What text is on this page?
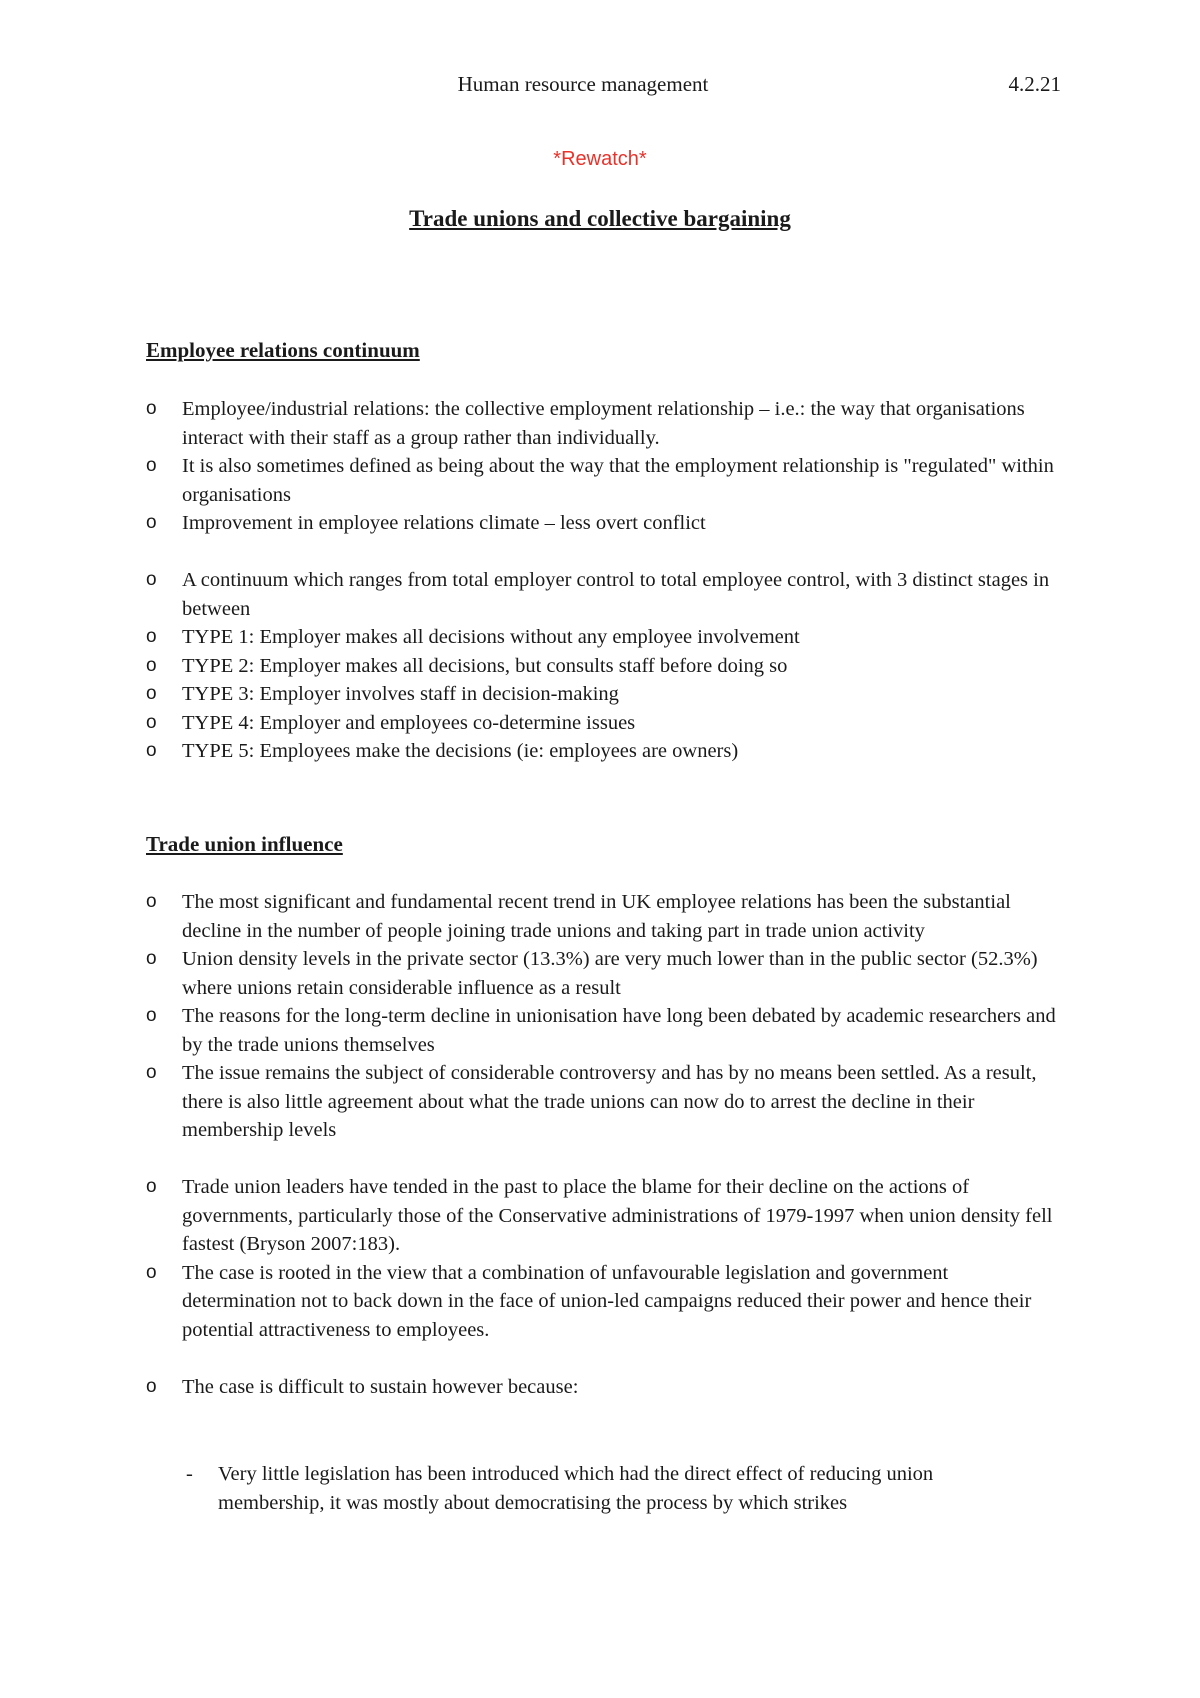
Human resource management	4.2.21
*Rewatch*
Trade unions and collective bargaining
Employee relations continuum
o Employee/industrial relations: the collective employment relationship – i.e.: the way that organisations interact with their staff as a group rather than individually.
o It is also sometimes defined as being about the way that the employment relationship is "regulated" within organisations
o Improvement in employee relations climate – less overt conflict
o A continuum which ranges from total employer control to total employee control, with 3 distinct stages in between
o TYPE 1: Employer makes all decisions without any employee involvement
o TYPE 2: Employer makes all decisions, but consults staff before doing so
o TYPE 3: Employer involves staff in decision-making
o TYPE 4: Employer and employees co-determine issues
o TYPE 5: Employees make the decisions (ie: employees are owners)
Trade union influence
o The most significant and fundamental recent trend in UK employee relations has been the substantial decline in the number of people joining trade unions and taking part in trade union activity
o Union density levels in the private sector (13.3%) are very much lower than in the public sector (52.3%) where unions retain considerable influence as a result
o The reasons for the long-term decline in unionisation have long been debated by academic researchers and by the trade unions themselves
o The issue remains the subject of considerable controversy and has by no means been settled. As a result, there is also little agreement about what the trade unions can now do to arrest the decline in their membership levels
o Trade union leaders have tended in the past to place the blame for their decline on the actions of governments, particularly those of the Conservative administrations of 1979-1997 when union density fell fastest (Bryson 2007:183).
o The case is rooted in the view that a combination of unfavourable legislation and government determination not to back down in the face of union-led campaigns reduced their power and hence their potential attractiveness to employees.
o The case is difficult to sustain however because:
- Very little legislation has been introduced which had the direct effect of reducing union membership, it was mostly about democratising the process by which strikes
